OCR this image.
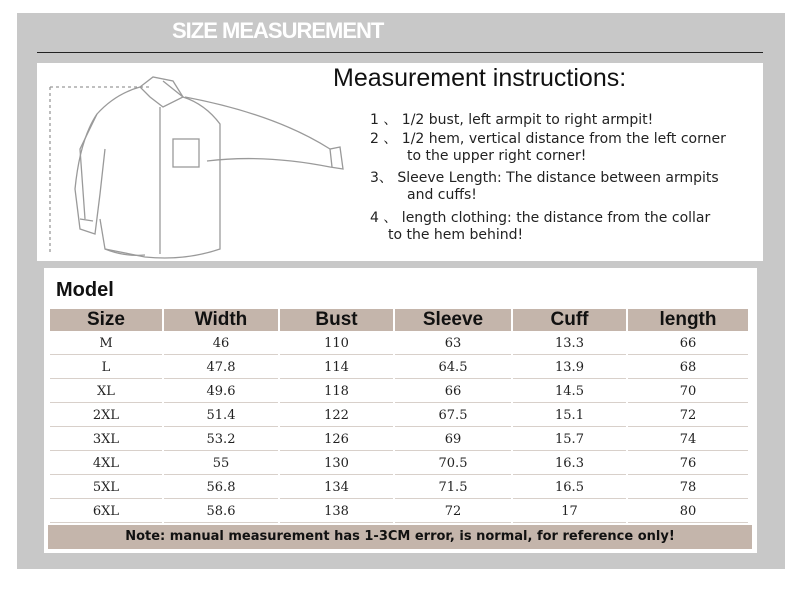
SIZE MEASUREMENT
Measurement instructions:
1 、 1/2 bust, left armpit to right armpit!
2 、 1/2 hem, vertical distance from the left corner
to the upper right corner!
3、 Sleeve Length: The distance between armpits
and cuffs!
4 、 length clothing: the distance from the collar
to the hem behind!
Model
Size	Width	Bust	Sleeve	Cuff	length
M	46	110	63	13.3	66
L	47.8	114	64.5	13.9	68
XL	49.6	118	66	14.5	70
2XL	51.4	122	67.5	15.1	72
3XL	53.2	126	69	15.7	74
4XL	55	130	70.5	16.3	76
5XL	56.8	134	71.5	16.5	78
6XL	58.6	138	72	17	80
Note: manual measurement has 1-3CM error, is normal, for reference only!
